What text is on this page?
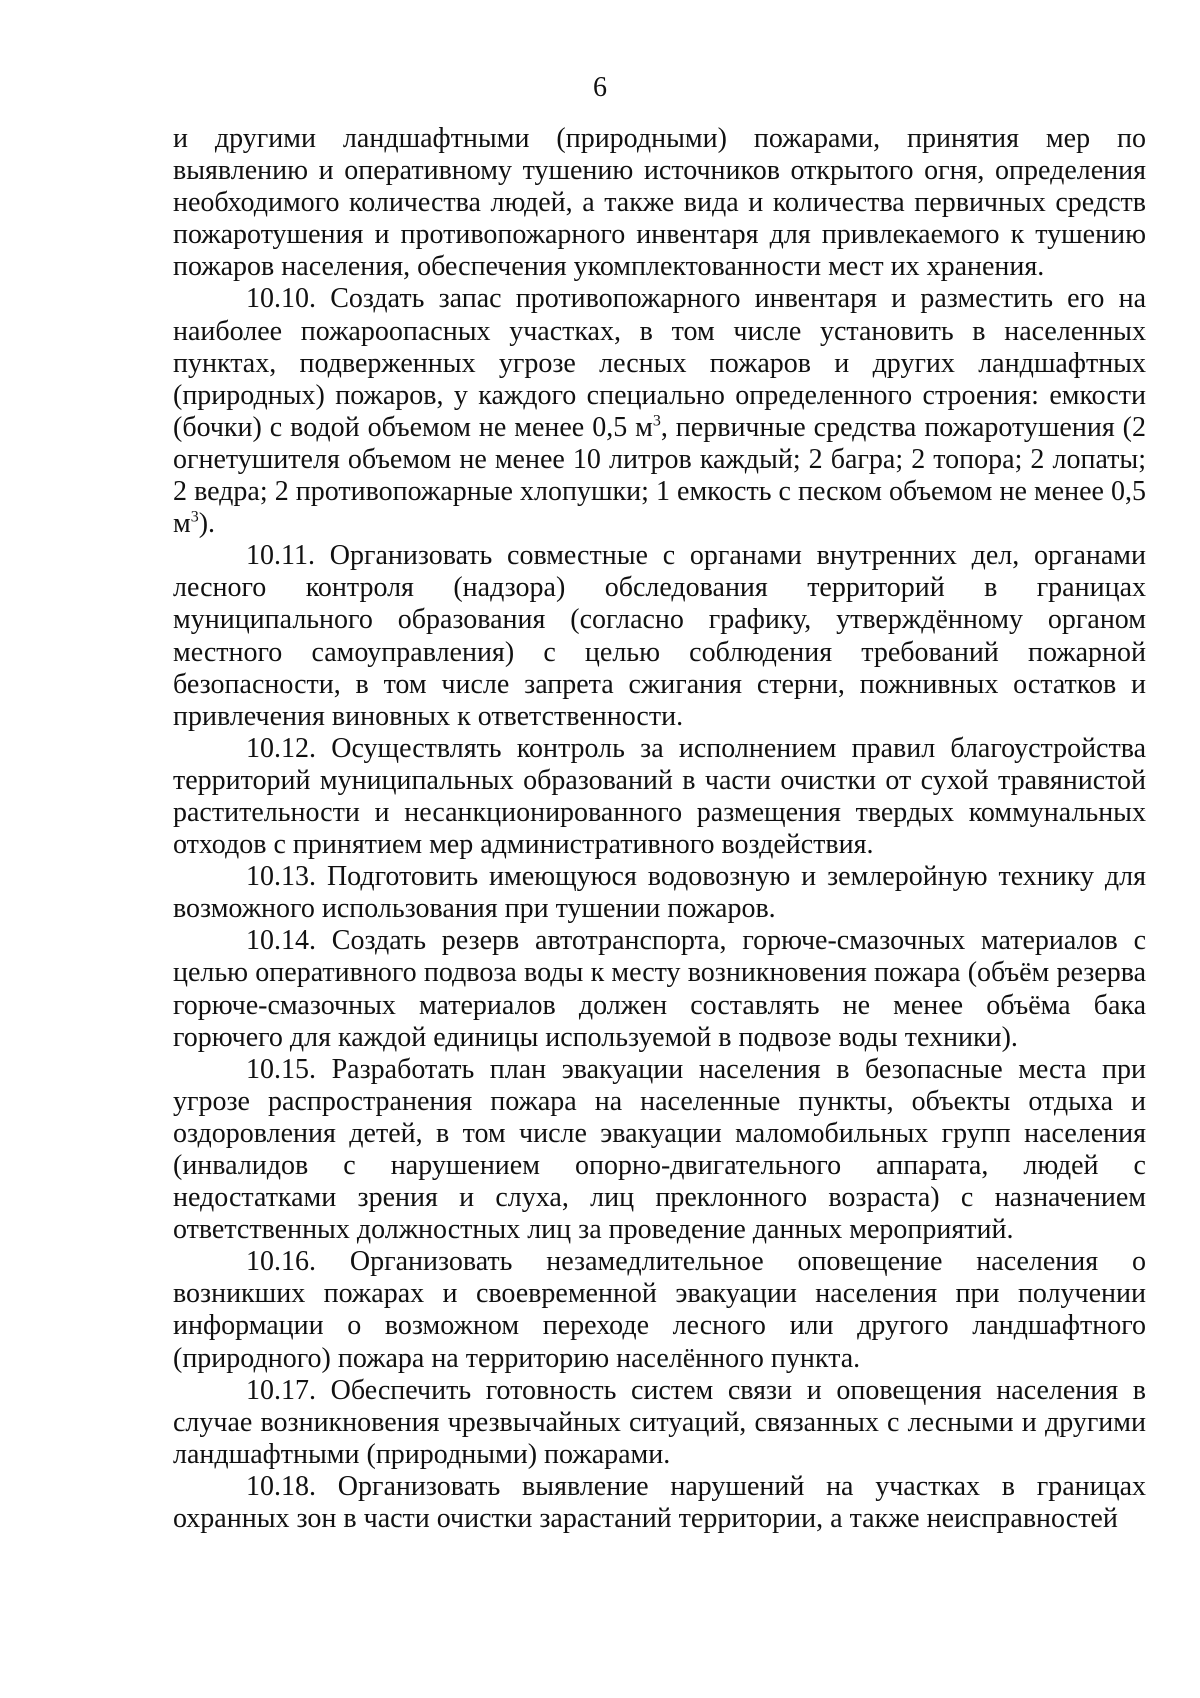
6

и другими ландшафтными (природными) пожарами, принятия мер по выявлению и оперативному тушению источников открытого огня, определения необходимого количества людей, а также вида и количества первичных средств пожаротушения и противопожарного инвентаря для привлекаемого к тушению пожаров населения, обеспечения укомплектованности мест их хранения.

10.10. Создать запас противопожарного инвентаря и разместить его на наиболее пожароопасных участках, в том числе установить в населенных пунктах, подверженных угрозе лесных пожаров и других ландшафтных (природных) пожаров, у каждого специально определенного строения: емкости (бочки) с водой объемом не менее 0,5 $м^3$, первичные средства пожаротушения (2 огнетушителя объемом не менее 10 литров каждый; 2 багра; 2 топора; 2 лопаты; 2 ведра; 2 противопожарные хлопушки; 1 емкость с песком объемом не менее 0,5 $м^3$).

10.11. Организовать совместные с органами внутренних дел, органами лесного контроля (надзора) обследования территорий в границах муниципального образования (согласно графику, утверждённому органом местного самоуправления) с целью соблюдения требований пожарной безопасности, в том числе запрета сжигания стерни, пожнивных остатков и привлечения виновных к ответственности.

10.12. Осуществлять контроль за исполнением правил благоустройства территорий муниципальных образований в части очистки от сухой травянистой растительности и несанкционированного размещения твердых коммунальных отходов с принятием мер административного воздействия.

10.13. Подготовить имеющуюся водовозную и землеройную технику для возможного использования при тушении пожаров.

10.14. Создать резерв автотранспорта, горюче-смазочных материалов с целью оперативного подвоза воды к месту возникновения пожара (объём резерва горюче-смазочных материалов должен составлять не менее объёма бака горючего для каждой единицы используемой в подвозе воды техники).

10.15. Разработать план эвакуации населения в безопасные места при угрозе распространения пожара на населенные пункты, объекты отдыха и оздоровления детей, в том числе эвакуации маломобильных групп населения (инвалидов с нарушением опорно-двигательного аппарата, людей с недостатками зрения и слуха, лиц преклонного возраста) с назначением ответственных должностных лиц за проведение данных мероприятий.

10.16. Организовать незамедлительное оповещение населения о возникших пожарах и своевременной эвакуации населения при получении информации о возможном переходе лесного или другого ландшафтного (природного) пожара на территорию населённого пункта.

10.17. Обеспечить готовность систем связи и оповещения населения в случае возникновения чрезвычайных ситуаций, связанных с лесными и другими ландшафтными (природными) пожарами.

10.18. Организовать выявление нарушений на участках в границах охранных зон в части очистки зарастаний территории, а также неисправностей
